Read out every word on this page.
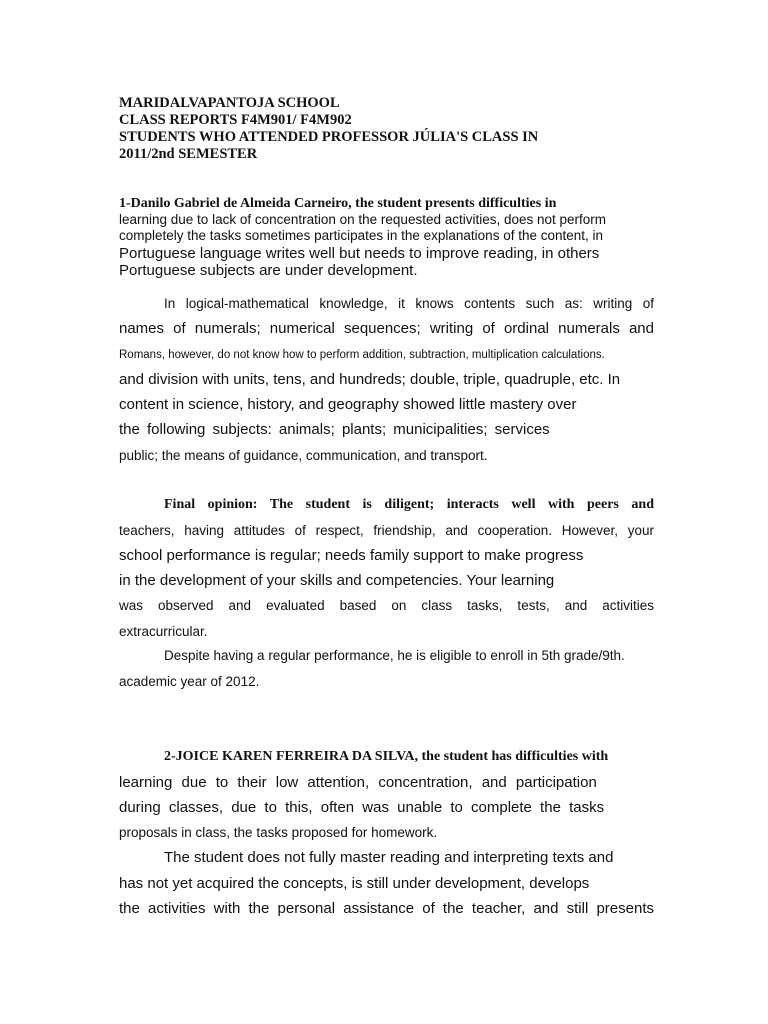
MARIDALVAPANTOJA SCHOOL

CLASS REPORTS F4M901/ F4M902

STUDENTS WHO ATTENDED PROFESSOR JÚLIA'S CLASS IN

2011/2nd SEMESTER

1-Danilo Gabriel de Almeida Carneiro, the student presents difficulties in

learning due to lack of concentration on the requested activities, does not perform

completely the tasks sometimes participates in the explanations of the content, in

Portuguese language writes well but needs to improve reading, in others

Portuguese subjects are under development.

In logical-mathematical knowledge, it knows contents such as: writing of

names of numerals; numerical sequences; writing of ordinal numerals and

Romans, however, do not know how to perform addition, subtraction, multiplication calculations.

and division with units, tens, and hundreds; double, triple, quadruple, etc. In

content in science, history, and geography showed little mastery over

the following subjects: animals; plants; municipalities; services

public; the means of guidance, communication, and transport.

Final opinion: The student is diligent; interacts well with peers and

teachers, having attitudes of respect, friendship, and cooperation. However, your

school performance is regular; needs family support to make progress

in the development of your skills and competencies. Your learning

was observed and evaluated based on class tasks, tests, and activities

extracurricular.

Despite having a regular performance, he is eligible to enroll in 5th grade/9th.

academic year of 2012.

2-JOICE KAREN FERREIRA DA SILVA, the student has difficulties with

learning due to their low attention, concentration, and participation

during classes, due to this, often was unable to complete the tasks

proposals in class, the tasks proposed for homework.

The student does not fully master reading and interpreting texts and

has not yet acquired the concepts, is still under development, develops

the activities with the personal assistance of the teacher, and still presents
